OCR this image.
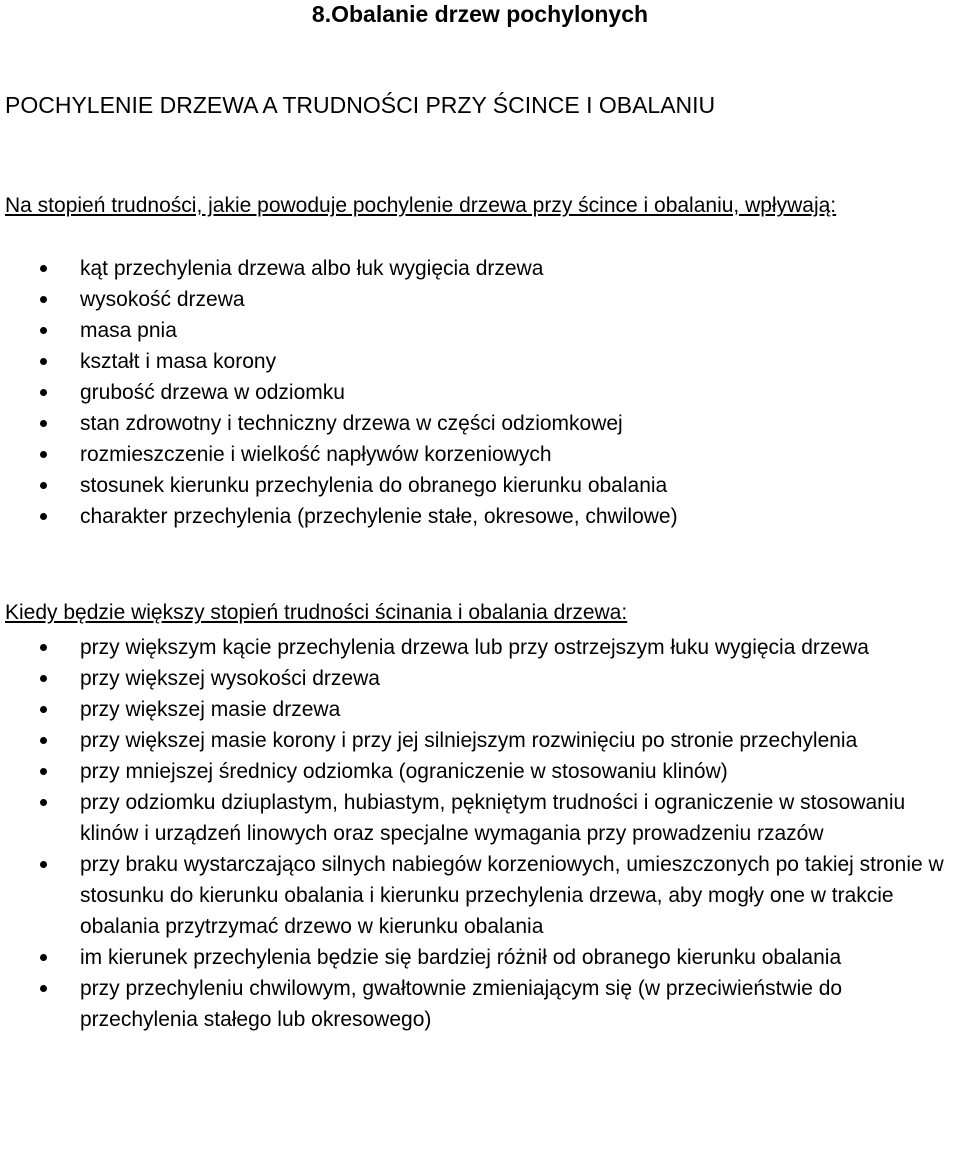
8.Obalanie drzew pochylonych
POCHYLENIE DRZEWA A TRUDNOŚCI PRZY ŚCINCE I OBALANIU
Na stopień trudności, jakie powoduje pochylenie drzewa przy ścince i obalaniu, wpływają:
kąt przechylenia drzewa albo łuk wygięcia drzewa
wysokość drzewa
masa pnia
kształt i masa korony
grubość drzewa w odziomku
stan zdrowotny i techniczny drzewa w części odziomkowej
rozmieszczenie i wielkość napływów korzeniowych
stosunek kierunku przechylenia do obranego kierunku obalania
charakter przechylenia (przechylenie stałe, okresowe, chwilowe)
Kiedy będzie większy stopień trudności ścinania i obalania drzewa:
przy większym kącie przechylenia drzewa lub przy ostrzejszym łuku wygięcia drzewa
przy większej wysokości drzewa
przy większej masie drzewa
przy większej masie korony i przy jej silniejszym rozwinięciu po stronie przechylenia
przy mniejszej średnicy odziomka (ograniczenie w stosowaniu klinów)
przy odziomku dziuplastym, hubiastym, pękniętym trudności i ograniczenie w stosowaniu klinów i urządzeń linowych oraz specjalne wymagania przy prowadzeniu rzazów
przy braku wystarczająco silnych nabiegów korzeniowych, umieszczonych po takiej stronie w stosunku do kierunku obalania i kierunku przechylenia drzewa, aby mogły one w trakcie obalania przytrzymać drzewo w kierunku obalania
im kierunek przechylenia będzie się bardziej różnił od obranego kierunku obalania
przy przechyleniu chwilowym, gwałtownie zmieniającym się (w przeciwieństwie do przechylenia stałego lub okresowego)
